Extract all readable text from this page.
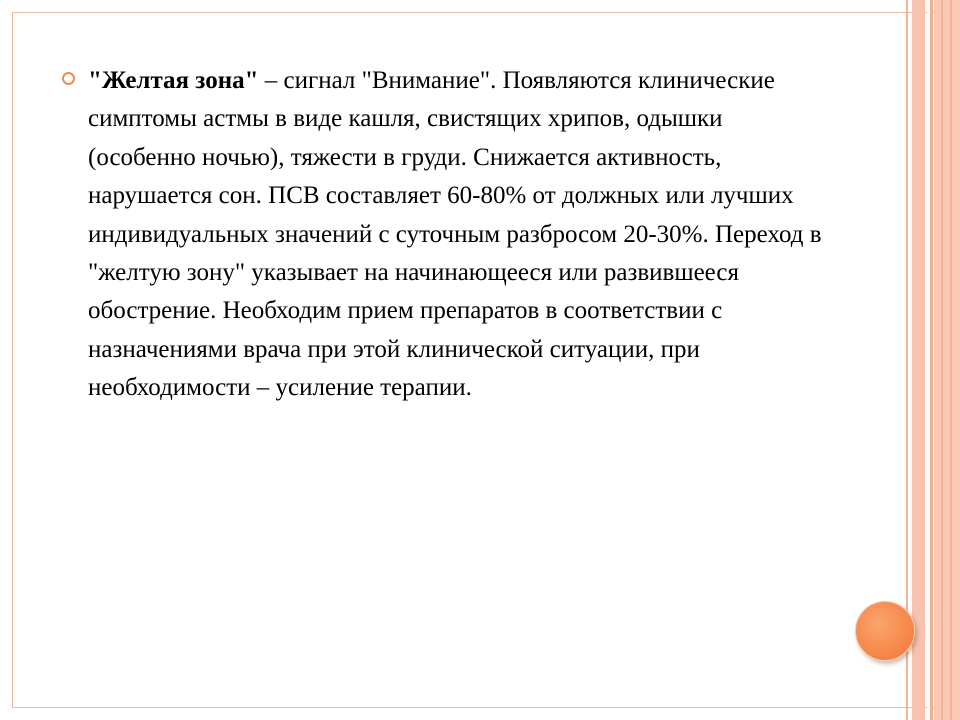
"Желтая зона" – сигнал "Внимание". Появляются клинические симптомы астмы в виде кашля, свистящих хрипов, одышки (особенно ночью), тяжести в груди. Снижается активность, нарушается сон. ПСВ составляет 60-80% от должных или лучших индивидуальных значений с суточным разбросом 20-30%. Переход в "желтую зону" указывает на начинающееся или развившееся обострение. Необходим прием препаратов в соответствии с назначениями врача при этой клинической ситуации, при необходимости – усиление терапии.
